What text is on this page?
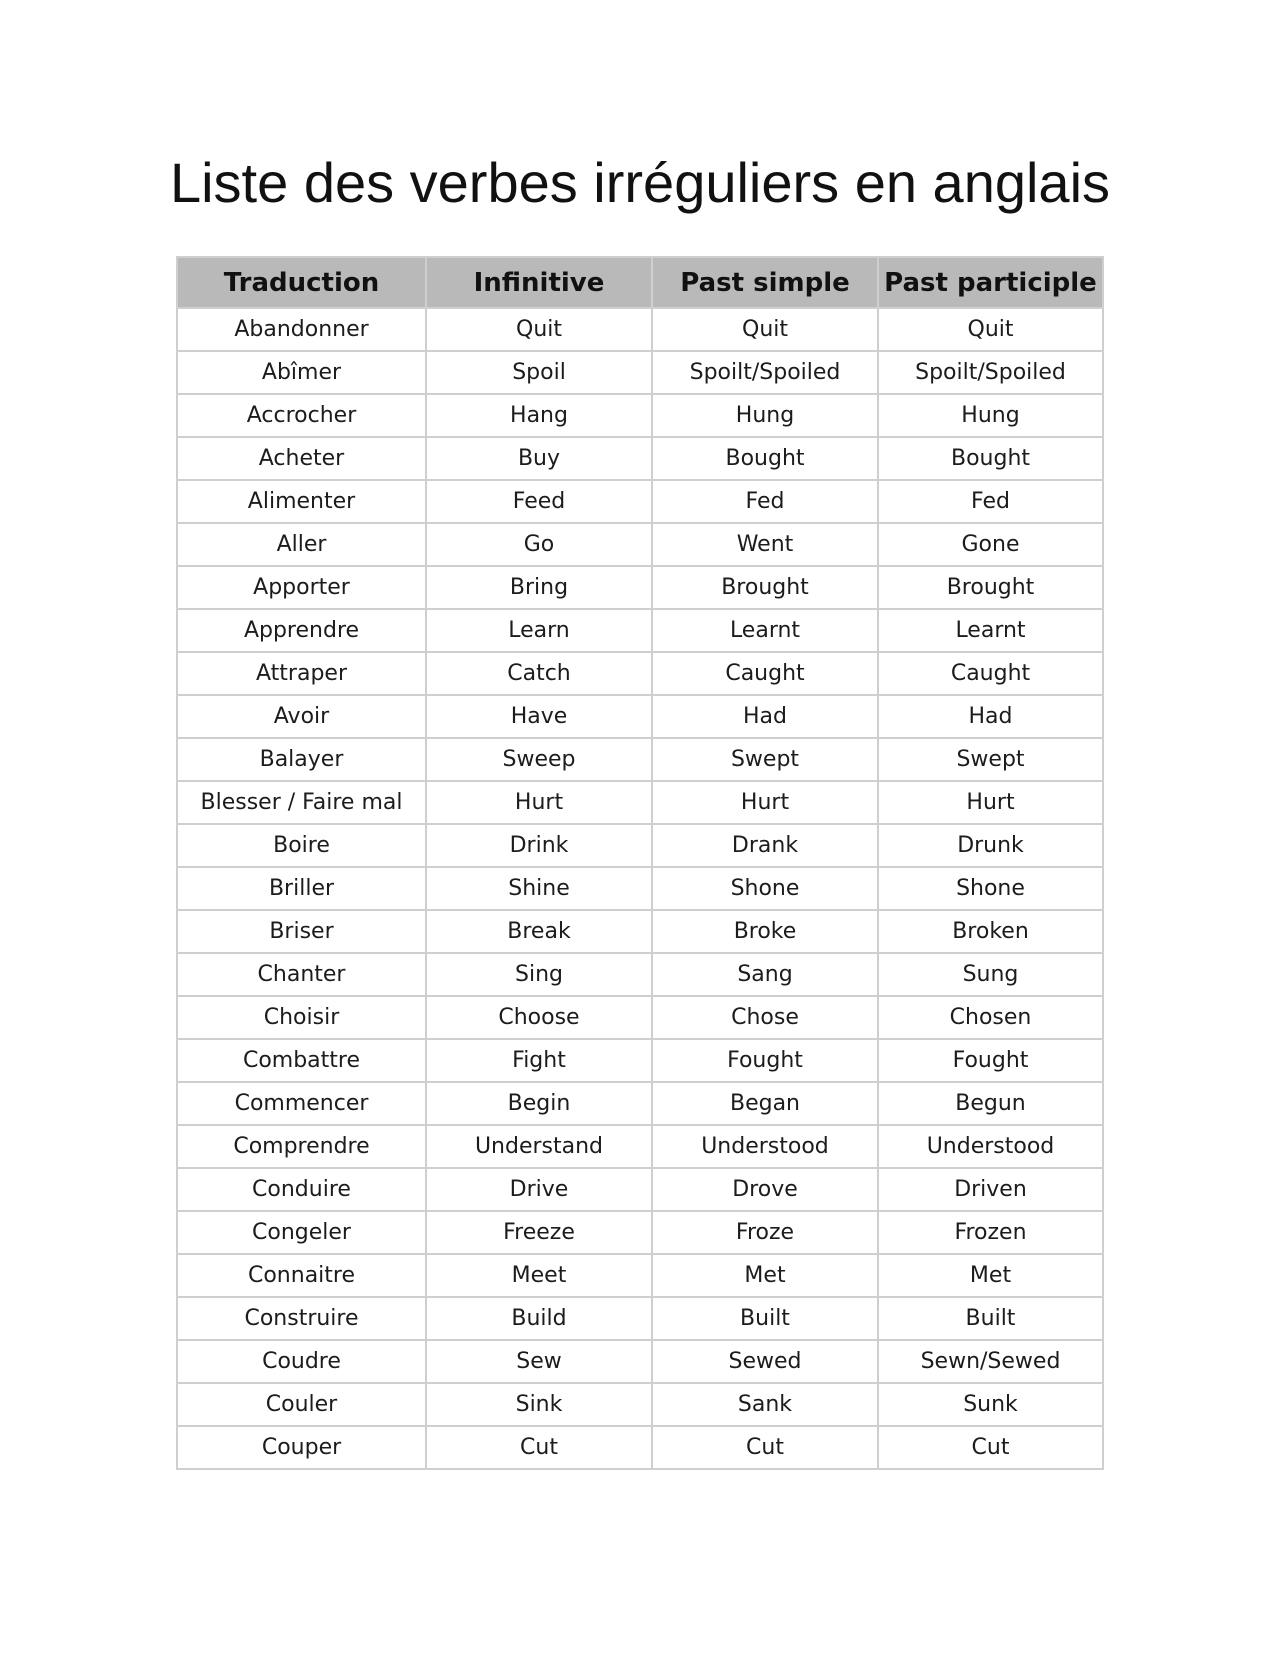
Liste des verbes irréguliers en anglais
Traduction	Infinitive	Past simple	Past participle
Abandonner	Quit	Quit	Quit
Abîmer	Spoil	Spoilt/Spoiled	Spoilt/Spoiled
Accrocher	Hang	Hung	Hung
Acheter	Buy	Bought	Bought
Alimenter	Feed	Fed	Fed
Aller	Go	Went	Gone
Apporter	Bring	Brought	Brought
Apprendre	Learn	Learnt	Learnt
Attraper	Catch	Caught	Caught
Avoir	Have	Had	Had
Balayer	Sweep	Swept	Swept
Blesser / Faire mal	Hurt	Hurt	Hurt
Boire	Drink	Drank	Drunk
Briller	Shine	Shone	Shone
Briser	Break	Broke	Broken
Chanter	Sing	Sang	Sung
Choisir	Choose	Chose	Chosen
Combattre	Fight	Fought	Fought
Commencer	Begin	Began	Begun
Comprendre	Understand	Understood	Understood
Conduire	Drive	Drove	Driven
Congeler	Freeze	Froze	Frozen
Connaitre	Meet	Met	Met
Construire	Build	Built	Built
Coudre	Sew	Sewed	Sewn/Sewed
Couler	Sink	Sank	Sunk
Couper	Cut	Cut	Cut
